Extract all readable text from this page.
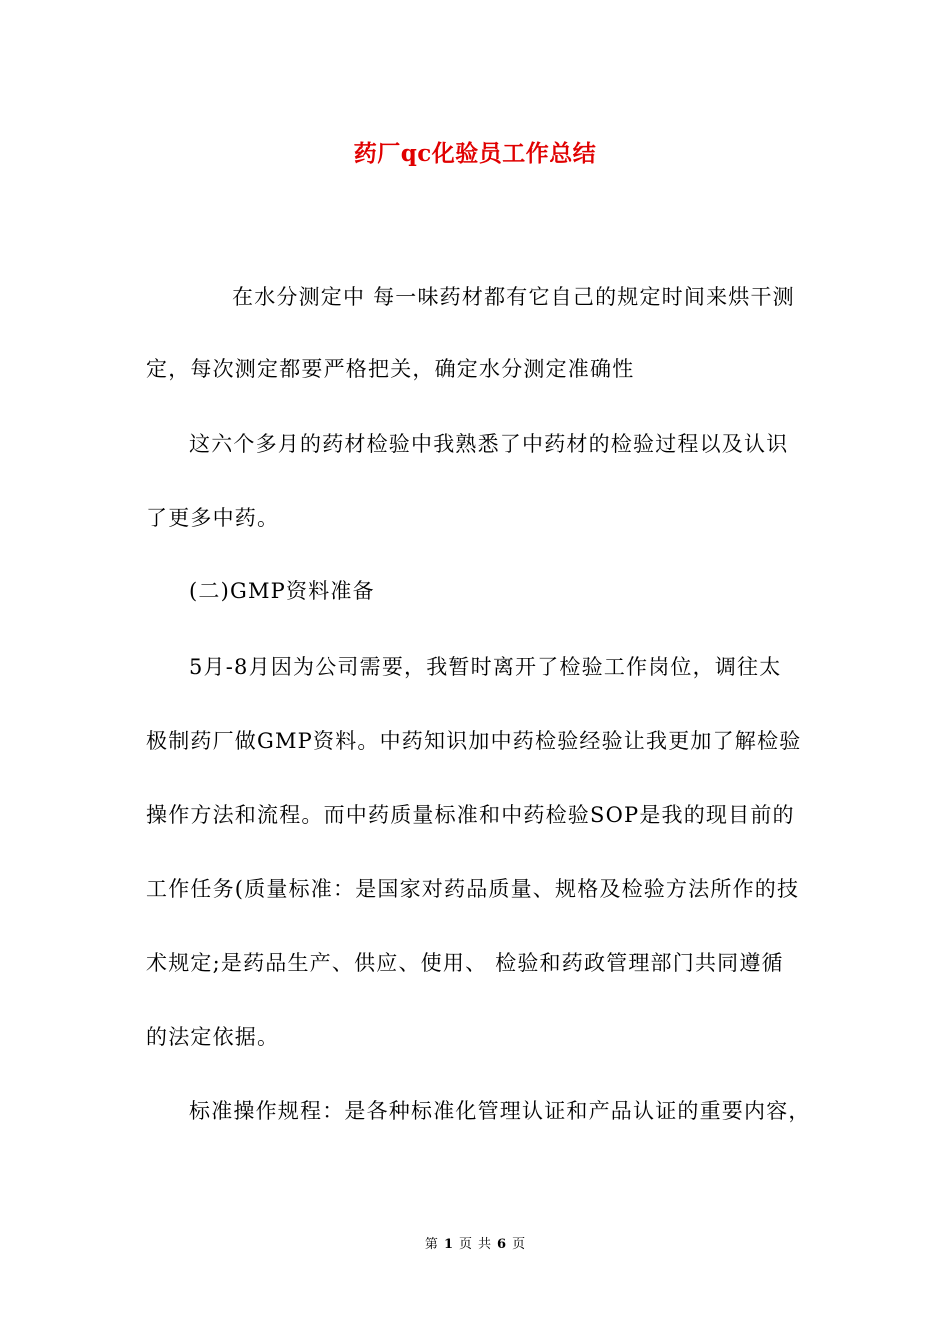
药厂qc化验员工作总结
在水分测定中 每一味药材都有它自己的规定时间来烘干测
定，每次测定都要严格把关，确定水分测定准确性
这六个多月的药材检验中我熟悉了中药材的检验过程以及认识
了更多中药。
(二)GMP资料准备
5月-8月因为公司需要，我暂时离开了检验工作岗位，调往太
极制药厂做GMP资料。中药知识加中药检验经验让我更加了解检验
操作方法和流程。而中药质量标准和中药检验SOP是我的现目前的
工作任务(质量标准：是国家对药品质量、规格及检验方法所作的技
术规定;是药品生产、供应、使用、 检验和药政管理部门共同遵循
的法定依据。
标准操作规程：是各种标准化管理认证和产品认证的重要内容，
第 1 页 共 6 页
